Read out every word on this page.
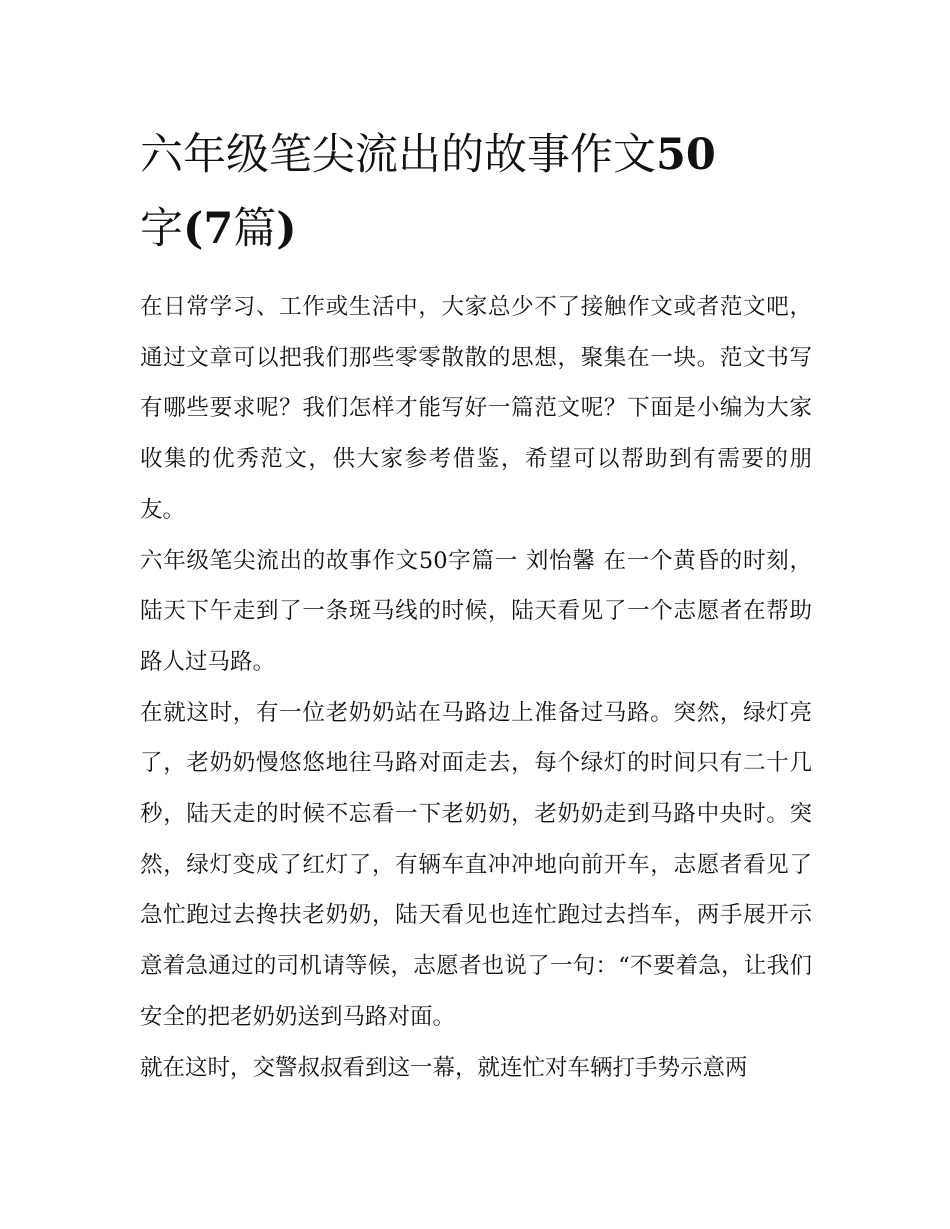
六年级笔尖流出的故事作文50
字(7篇)

在日常学习、工作或生活中，大家总少不了接触作文或者范文吧，通过文章可以把我们那些零零散散的思想，聚集在一块。范文书写有哪些要求呢？我们怎样才能写好一篇范文呢？下面是小编为大家收集的优秀范文，供大家参考借鉴，希望可以帮助到有需要的朋友。

六年级笔尖流出的故事作文50字篇一 刘怡馨 在一个黄昏的时刻，陆天下午走到了一条斑马线的时候，陆天看见了一个志愿者在帮助路人过马路。

在就这时，有一位老奶奶站在马路边上准备过马路。突然，绿灯亮了，老奶奶慢悠悠地往马路对面走去，每个绿灯的时间只有二十几秒，陆天走的时候不忘看一下老奶奶，老奶奶走到马路中央时。突然，绿灯变成了红灯了，有辆车直冲冲地向前开车，志愿者看见了急忙跑过去搀扶老奶奶，陆天看见也连忙跑过去挡车，两手展开示意着急通过的司机请等候，志愿者也说了一句：“不要着急，让我们安全的把老奶奶送到马路对面。

就在这时，交警叔叔看到这一幕，就连忙对车辆打手势示意两
